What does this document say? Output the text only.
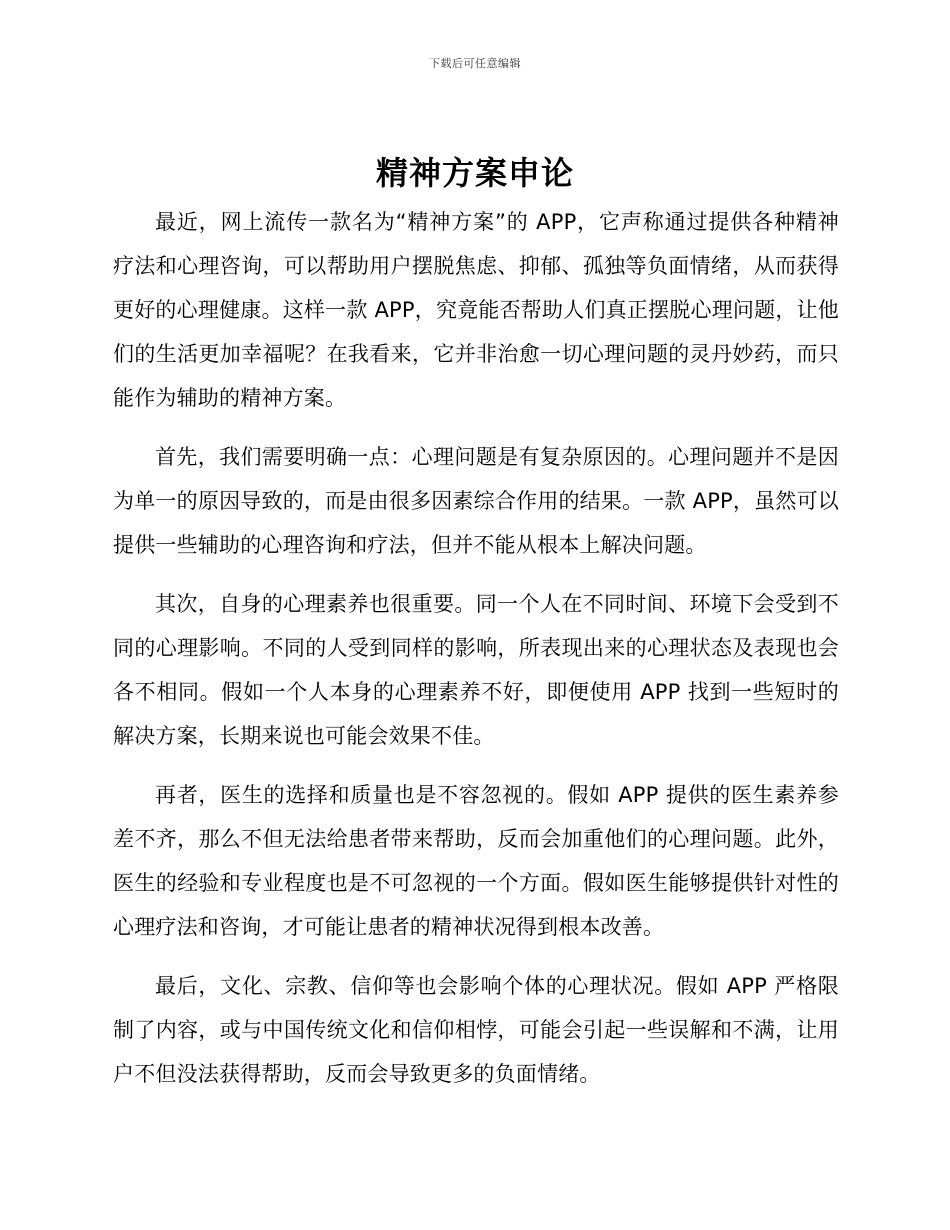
下载后可任意编辑
精神方案申论

最近，网上流传一款名为“精神方案”的 APP，它声称通过提供各种精神疗法和心理咨询，可以帮助用户摆脱焦虑、抑郁、孤独等负面情绪，从而获得更好的心理健康。这样一款 APP，究竟能否帮助人们真正摆脱心理问题，让他们的生活更加幸福呢？在我看来，它并非治愈一切心理问题的灵丹妙药，而只能作为辅助的精神方案。

首先，我们需要明确一点：心理问题是有复杂原因的。心理问题并不是因为单一的原因导致的，而是由很多因素综合作用的结果。一款 APP，虽然可以提供一些辅助的心理咨询和疗法，但并不能从根本上解决问题。

其次，自身的心理素养也很重要。同一个人在不同时间、环境下会受到不同的心理影响。不同的人受到同样的影响，所表现出来的心理状态及表现也会各不相同。假如一个人本身的心理素养不好，即便使用 APP 找到一些短时的解决方案，长期来说也可能会效果不佳。

再者，医生的选择和质量也是不容忽视的。假如 APP 提供的医生素养参差不齐，那么不但无法给患者带来帮助，反而会加重他们的心理问题。此外，医生的经验和专业程度也是不可忽视的一个方面。假如医生能够提供针对性的心理疗法和咨询，才可能让患者的精神状况得到根本改善。

最后，文化、宗教、信仰等也会影响个体的心理状况。假如 APP 严格限制了内容，或与中国传统文化和信仰相悖，可能会引起一些误解和不满，让用户不但没法获得帮助，反而会导致更多的负面情绪。
